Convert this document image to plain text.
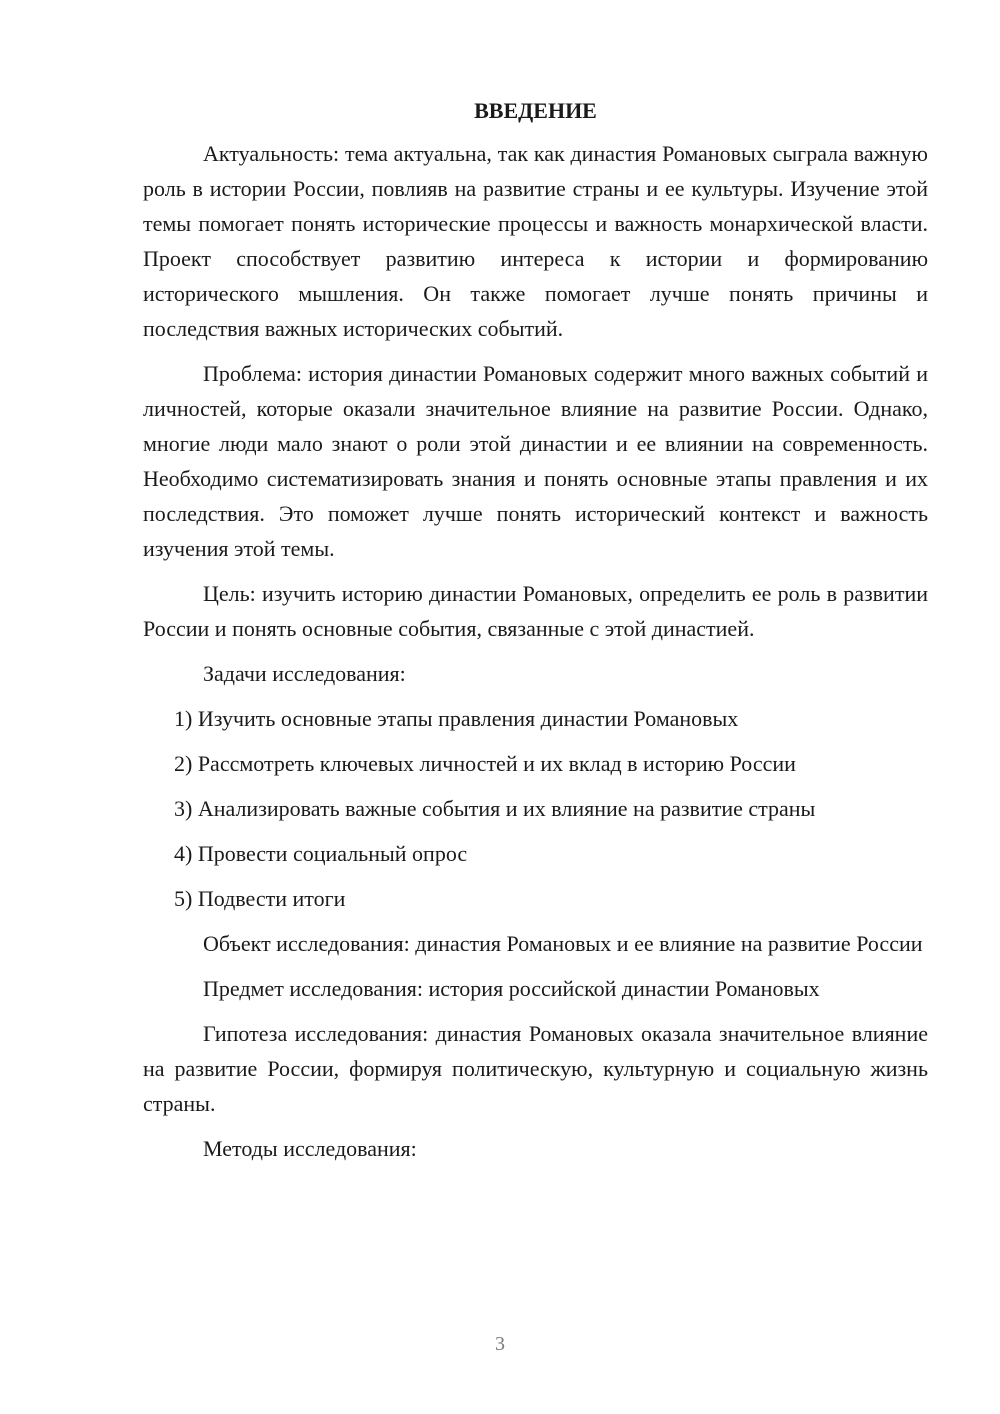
ВВЕДЕНИЕ

Актуальность: тема актуальна, так как династия Романовых сыграла важную роль в истории России, повлияв на развитие страны и ее культуры. Изучение этой темы помогает понять исторические процессы и важность монархической власти. Проект способствует развитию интереса к истории и формированию исторического мышления. Он также помогает лучше понять причины и последствия важных исторических событий.

Проблема: история династии Романовых содержит много важных событий и личностей, которые оказали значительное влияние на развитие России. Однако, многие люди мало знают о роли этой династии и ее влиянии на современность. Необходимо систематизировать знания и понять основные этапы правления и их последствия. Это поможет лучше понять исторический контекст и важность изучения этой темы.

Цель: изучить историю династии Романовых, определить ее роль в развитии России и понять основные события, связанные с этой династией.

Задачи исследования:

1) Изучить основные этапы правления династии Романовых

2) Рассмотреть ключевых личностей и их вклад в историю России

3) Анализировать важные события и их влияние на развитие страны

4) Провести социальный опрос

5) Подвести итоги

Объект исследования: династия Романовых и ее влияние на развитие России

Предмет исследования: история российской династии Романовых

Гипотеза исследования: династия Романовых оказала значительное влияние на развитие России, формируя политическую, культурную и социальную жизнь страны.

Методы исследования:

3
